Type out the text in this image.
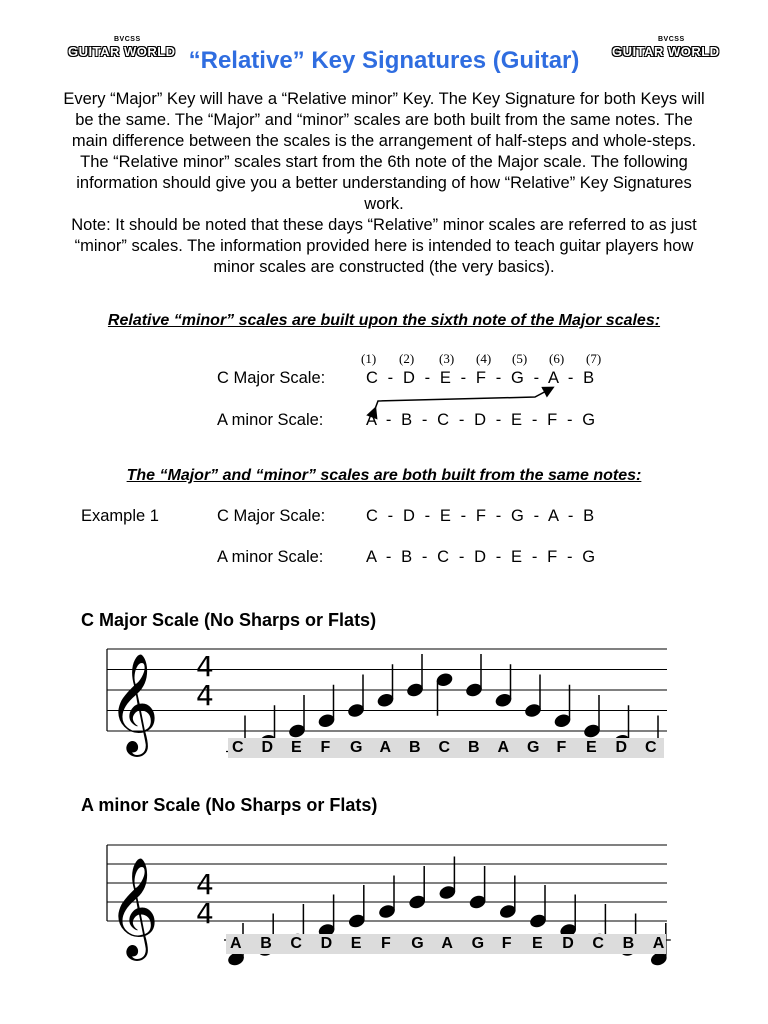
BVCSS
GUITAR WORLD
BVCSS
GUITAR WORLD
“Relative” Key Signatures (Guitar)

Every “Major” Key will have a “Relative minor” Key. The Key Signature for both Keys will be the same. The “Major” and “minor” scales are both built from the same notes. The main difference between the scales is the arrangement of half-steps and whole-steps. The “Relative minor” scales start from the 6th note of the Major scale. The following information should give you a better understanding of how “Relative” Key Signatures work.

Note: It should be noted that these days “Relative” minor scales are referred to as just “minor” scales. The information provided here is intended to teach guitar players how minor scales are constructed (the very basics).

Relative “minor” scales are built upon the sixth note of the Major scales:
(1) (2) (3) (4) (5) (6) (7)
C Major Scale: C  -  D  -  E  -  F  -  G  -  A  -  B
A minor Scale:	A  -  B  -  C  -  D  -  E  -  F  -  G
The “Major” and “minor” scales are both built from the same notes:
Example 1	C Major Scale: C  -  D  -  E  -  F  -  G  -  A  -  B
A minor Scale:	A  -  B  -  C  -  D  -  E  -  F  -  G
C Major Scale (No Sharps or Flats)
𝄞 4
4
C D E F G A B C B A G F E D C
A minor Scale (No Sharps or Flats)
𝄞 4
4
A B C D E F G A G F E D C B A
